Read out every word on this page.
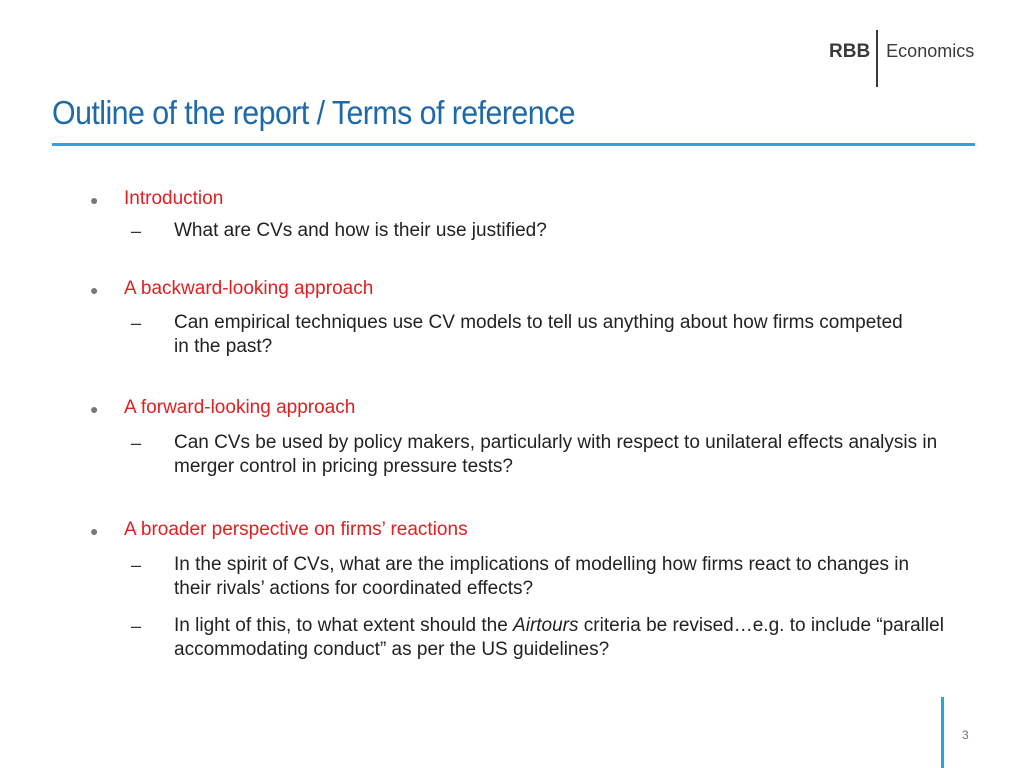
RBB Economics
Outline of the report / Terms of reference
● Introduction
– What are CVs and how is their use justified?
● A backward-looking approach
– Can empirical techniques use CV models to tell us anything about how firms competed in the past?
● A forward-looking approach
– Can CVs be used by policy makers, particularly with respect to unilateral effects analysis in merger control in pricing pressure tests?
● A broader perspective on firms’ reactions
– In the spirit of CVs, what are the implications of modelling how firms react to changes in their rivals’ actions for coordinated effects?
– In light of this, to what extent should the Airtours criteria be revised…e.g. to include “parallel accommodating conduct” as per the US guidelines?
3
